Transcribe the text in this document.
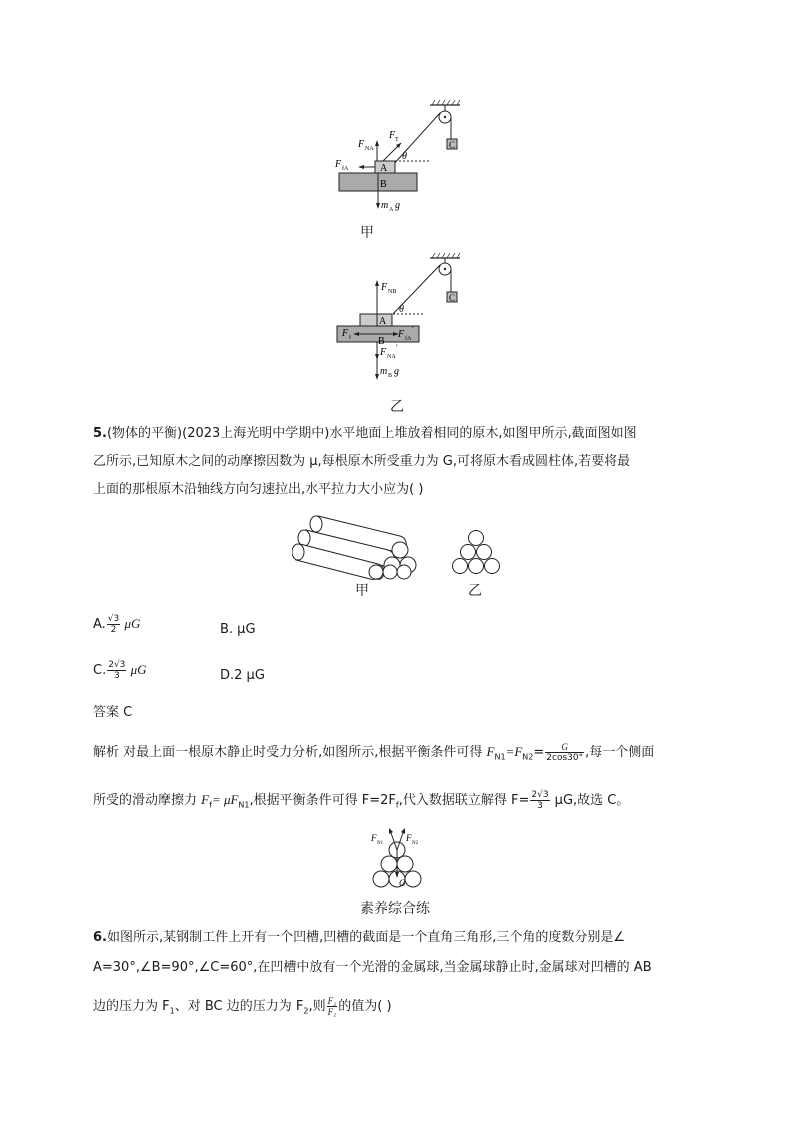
F NA
F T
F fA
θ
A
B
C
m A g
甲
F NB
θ
A
B
C
F f	F fA
′
F NA
′
m B g
乙
5.(物体的平衡)(2023上海光明中学期中)水平地面上堆放着相同的原木,如图甲所示,截面图如图
乙所示,已知原木之间的动摩擦因数为 μ,每根原木所受重力为 G,可将原木看成圆柱体,若要将最
上面的那根原木沿轴线方向匀速拉出,水平拉力大小应为( )
甲	乙
A. $\frac{√3}{2}$ μG	B. μG
C. $\frac{2√3}{3}$ μG	D.2 μG
答案 C
解析 对最上面一根原木静止时受力分析,如图所示,根据平衡条件可得 $F_{N1}=F_{N2}= \frac{G}{2\cos 30^\circ}$ ,每一个侧面
所受的滑动摩擦力 $F_f= \mu F_{N1}$,根据平衡条件可得 $F=2F_f$,代入数据联立解得 $F= \frac{2√3}{3} \mu G$,故选 C。
F
N1
F
N2
G
素养综合练
6.如图所示,某钢制工件上开有一个凹槽,凹槽的截面是一个直角三角形,三个角的度数分别是∠
A=30°,∠B=90°,∠C=60°,在凹槽中放有一个光滑的金属球,当金属球静止时,金属球对凹槽的 AB
边的压力为 $F_1$、对 BC 边的压力为 $F_2$,则 $\frac{\text{F₂}}{\text{F₁}}$ 的值为( )
